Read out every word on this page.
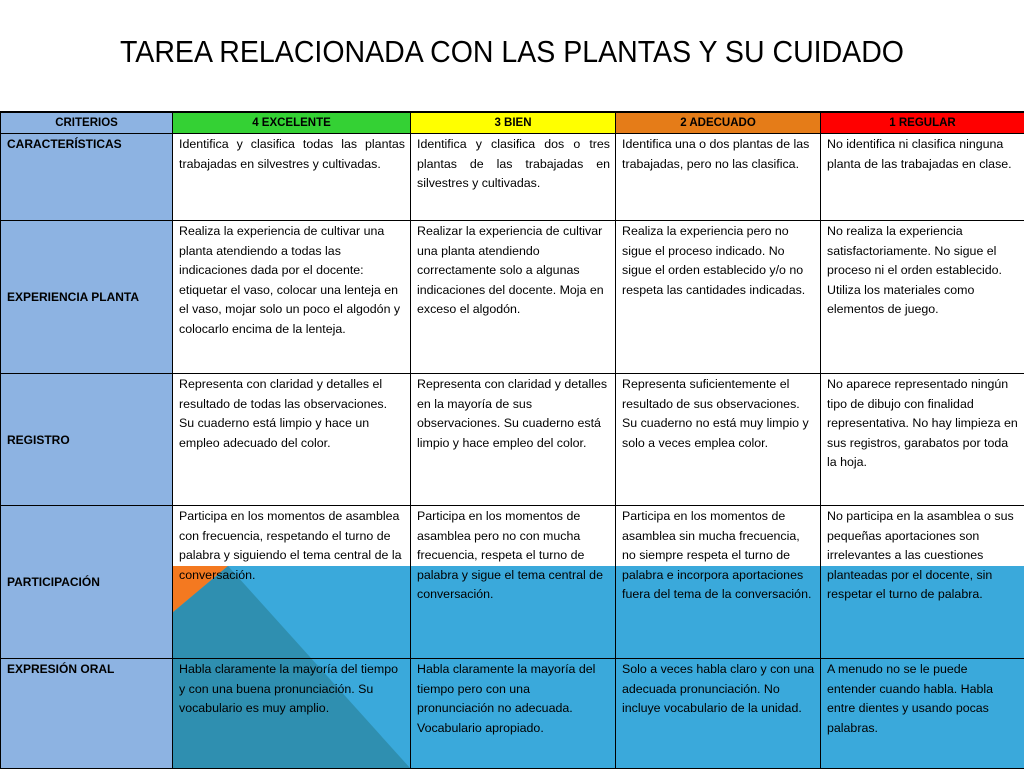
TAREA RELACIONADA CON LAS PLANTAS Y SU CUIDADO
CRITERIOS	4 EXCELENTE	3 BIEN	2 ADECUADO	1 REGULAR
CARACTERÍSTICAS	Identifica y clasifica todas las plantas trabajadas en silvestres y cultivadas.	Identifica y clasifica dos o tres plantas de las trabajadas en silvestres y cultivadas.	Identifica una o dos plantas de las trabajadas, pero no las clasifica.	No identifica ni clasifica ninguna planta de las trabajadas en clase.
EXPERIENCIA PLANTA	Realiza la experiencia de cultivar una planta atendiendo a todas las indicaciones dada por el docente: etiquetar el vaso, colocar una lenteja en el vaso, mojar solo un poco el algodón y colocarlo encima de la lenteja.	Realizar la experiencia de cultivar una planta atendiendo correctamente solo a algunas indicaciones del docente. Moja en exceso el algodón.	Realiza la experiencia pero no sigue el proceso indicado. No sigue el orden establecido y/o no respeta las cantidades indicadas.	No realiza la experiencia satisfactoriamente. No sigue el proceso ni el orden establecido. Utiliza los materiales como elementos de juego.
REGISTRO	Representa con claridad y detalles el resultado de todas las observaciones. Su cuaderno está limpio y hace un empleo adecuado del color.	Representa con claridad y detalles en la mayoría de sus observaciones. Su cuaderno está limpio y hace empleo del color.	Representa suficientemente el resultado de sus observaciones. Su cuaderno no está muy limpio y solo a veces emplea color.	No aparece representado ningún tipo de dibujo con finalidad representativa. No hay limpieza en sus registros, garabatos por toda la hoja.
PARTICIPACIÓN	Participa en los momentos de asamblea con frecuencia, respetando el turno de palabra y siguiendo el tema central de la conversación.	Participa en los momentos de asamblea pero no con mucha frecuencia, respeta el turno de palabra y sigue el tema central de conversación.	Participa en los momentos de asamblea sin mucha frecuencia, no siempre respeta el turno de palabra e incorpora aportaciones fuera del tema de la conversación.	No participa en la asamblea o sus pequeñas aportaciones son irrelevantes a las cuestiones planteadas por el docente, sin respetar el turno de palabra.
EXPRESIÓN ORAL	Habla claramente la mayoría del tiempo y con una buena pronunciación. Su vocabulario es muy amplio.	Habla claramente la mayoría del tiempo pero con una pronunciación no adecuada. Vocabulario apropiado.	Solo a veces habla claro y con una adecuada pronunciación. No incluye vocabulario de la unidad.	A menudo no se le puede entender cuando habla. Habla entre dientes y usando pocas palabras.
